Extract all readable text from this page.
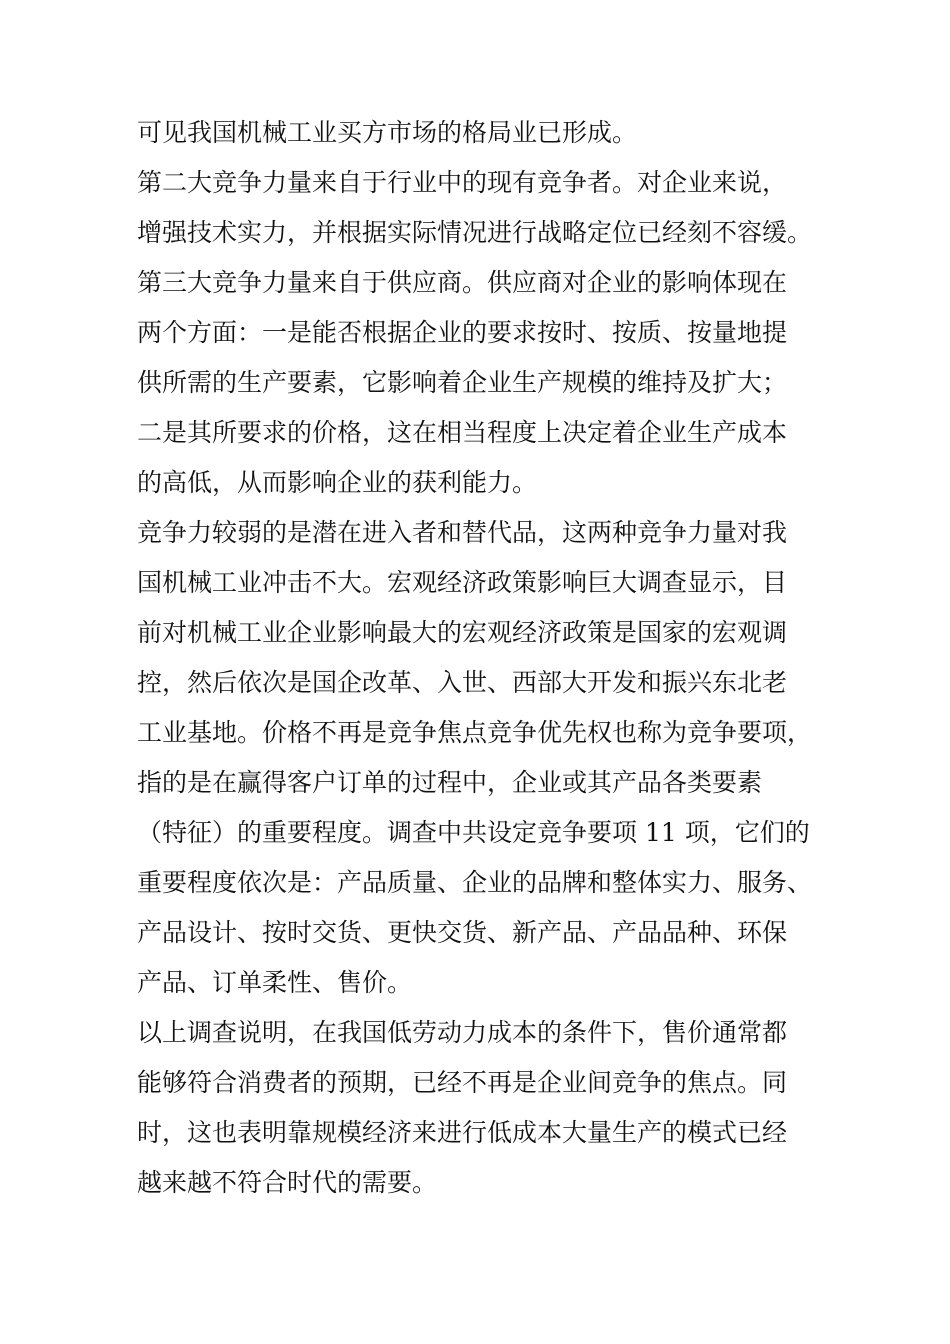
可见我国机械工业买方市场的格局业已形成。
第二大竞争力量来自于行业中的现有竞争者。对企业来说，
增强技术实力，并根据实际情况进行战略定位已经刻不容缓。
第三大竞争力量来自于供应商。供应商对企业的影响体现在
两个方面：一是能否根据企业的要求按时、按质、按量地提
供所需的生产要素，它影响着企业生产规模的维持及扩大；
二是其所要求的价格，这在相当程度上决定着企业生产成本
的高低，从而影响企业的获利能力。
竞争力较弱的是潜在进入者和替代品，这两种竞争力量对我
国机械工业冲击不大。宏观经济政策影响巨大调查显示，目
前对机械工业企业影响最大的宏观经济政策是国家的宏观调
控，然后依次是国企改革、入世、西部大开发和振兴东北老
工业基地。价格不再是竞争焦点竞争优先权也称为竞争要项，
指的是在赢得客户订单的过程中，企业或其产品各类要素
（特征）的重要程度。调查中共设定竞争要项 11 项，它们的
重要程度依次是：产品质量、企业的品牌和整体实力、服务、
产品设计、按时交货、更快交货、新产品、产品品种、环保
产品、订单柔性、售价。
以上调查说明，在我国低劳动力成本的条件下，售价通常都
能够符合消费者的预期，已经不再是企业间竞争的焦点。同
时，这也表明靠规模经济来进行低成本大量生产的模式已经
越来越不符合时代的需要。
